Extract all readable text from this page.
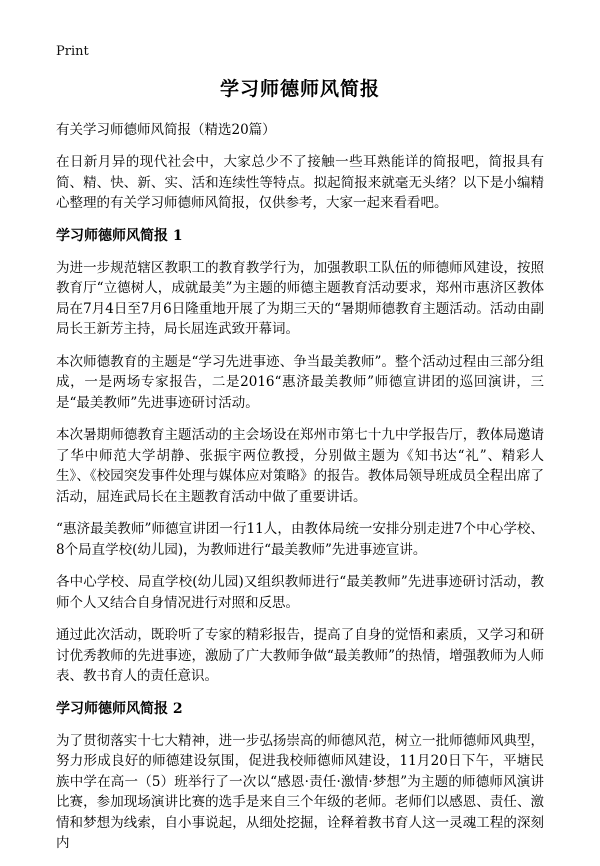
Print
学习师德师风简报

有关学习师德师风简报（精选20篇）

在日新月异的现代社会中，大家总少不了接触一些耳熟能详的简报吧，简报具有简、精、快、新、实、活和连续性等特点。拟起简报来就毫无头绪？以下是小编精心整理的有关学习师德师风简报，仅供参考，大家一起来看看吧。

学习师德师风简报 1

为进一步规范辖区教职工的教育教学行为，加强教职工队伍的师德师风建设，按照教育厅“立德树人，成就最美”为主题的师德主题教育活动要求，郑州市惠济区教体局在7月4日至7月6日隆重地开展了为期三天的“暑期师德教育主题活动。活动由副局长王新芳主持，局长屈连武致开幕词。

本次师德教育的主题是“学习先进事迹、争当最美教师”。整个活动过程由三部分组成，一是两场专家报告，二是2016“惠济最美教师”师德宣讲团的巡回演讲，三是“最美教师”先进事迹研讨活动。

本次暑期师德教育主题活动的主会场设在郑州市第七十九中学报告厅，教体局邀请了华中师范大学胡静、张振宇两位教授，分别做主题为《知书达“礼”、精彩人生》、《校园突发事件处理与媒体应对策略》的报告。教体局领导班成员全程出席了活动，屈连武局长在主题教育活动中做了重要讲话。

“惠济最美教师”师德宣讲团一行11人，由教体局统一安排分别走进7个中心学校、8个局直学校(幼儿园)，为教师进行“最美教师”先进事迹宣讲。

各中心学校、局直学校(幼儿园)又组织教师进行“最美教师”先进事迹研讨活动，教师个人又结合自身情况进行对照和反思。

通过此次活动，既聆听了专家的精彩报告，提高了自身的觉悟和素质，又学习和研讨优秀教师的先进事迹，激励了广大教师争做“最美教师”的热情，增强教师为人师表、教书育人的责任意识。

学习师德师风简报 2

为了贯彻落实十七大精神，进一步弘扬崇高的师德风范，树立一批师德师风典型，努力形成良好的师德建设氛围，促进我校师德师风建设，11月20日下午，平塘民族中学在高一（5）班举行了一次以“感恩·责任·激情·梦想”为主题的师德师风演讲比赛，参加现场演讲比赛的选手是来自三个年级的老师。老师们以感恩、责任、激情和梦想为线索，自小事说起，从细处挖掘，诠释着教书育人这一灵魂工程的深刻内
